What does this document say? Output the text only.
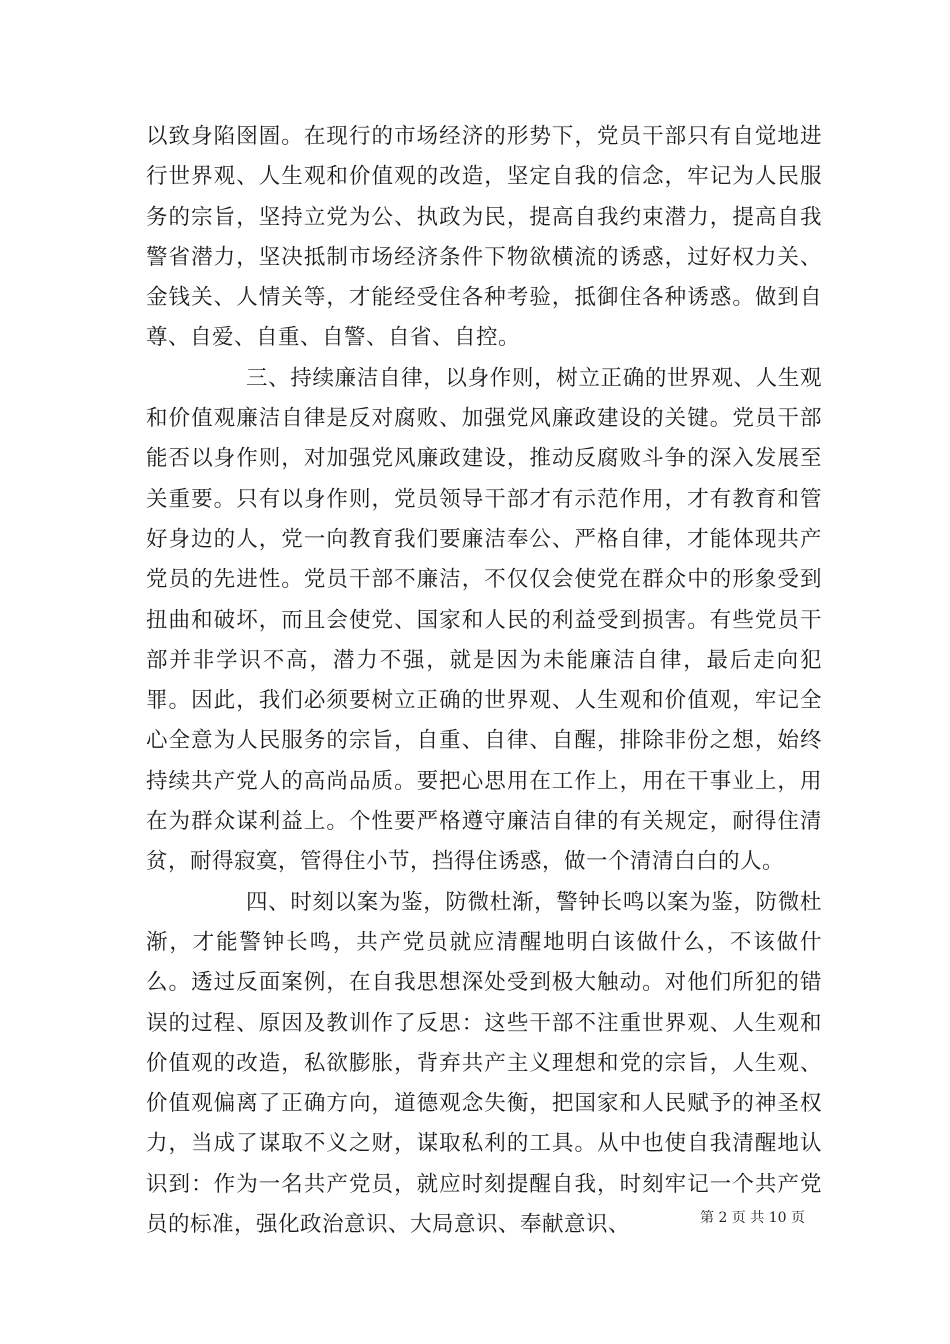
以致身陷囹圄。在现行的市场经济的形势下，党员干部只有自觉地进行世界观、人生观和价值观的改造，坚定自我的信念，牢记为人民服务的宗旨，坚持立党为公、执政为民，提高自我约束潜力，提高自我警省潜力，坚决抵制市场经济条件下物欲横流的诱惑，过好权力关、金钱关、人情关等，才能经受住各种考验，抵御住各种诱惑。做到自尊、自爱、自重、自警、自省、自控。

三、持续廉洁自律，以身作则，树立正确的世界观、人生观和价值观廉洁自律是反对腐败、加强党风廉政建设的关键。党员干部能否以身作则，对加强党风廉政建设，推动反腐败斗争的深入发展至关重要。只有以身作则，党员领导干部才有示范作用，才有教育和管好身边的人，党一向教育我们要廉洁奉公、严格自律，才能体现共产党员的先进性。党员干部不廉洁，不仅仅会使党在群众中的形象受到扭曲和破坏，而且会使党、国家和人民的利益受到损害。有些党员干部并非学识不高，潜力不强，就是因为未能廉洁自律，最后走向犯罪。因此，我们必须要树立正确的世界观、人生观和价值观，牢记全心全意为人民服务的宗旨，自重、自律、自醒，排除非份之想，始终持续共产党人的高尚品质。要把心思用在工作上，用在干事业上，用在为群众谋利益上。个性要严格遵守廉洁自律的有关规定，耐得住清贫，耐得寂寞，管得住小节，挡得住诱惑，做一个清清白白的人。

四、时刻以案为鉴，防微杜渐，警钟长鸣以案为鉴，防微杜渐，才能警钟长鸣，共产党员就应清醒地明白该做什么，不该做什么。透过反面案例，在自我思想深处受到极大触动。对他们所犯的错误的过程、原因及教训作了反思：这些干部不注重世界观、人生观和价值观的改造，私欲膨胀，背弃共产主义理想和党的宗旨，人生观、价值观偏离了正确方向，道德观念失衡，把国家和人民赋予的神圣权力，当成了谋取不义之财，谋取私利的工具。从中也使自我清醒地认识到：作为一名共产党员，就应时刻提醒自我，时刻牢记一个共产党员的标准，强化政治意识、大局意识、奉献意识、	第 2 页 共 10 页
